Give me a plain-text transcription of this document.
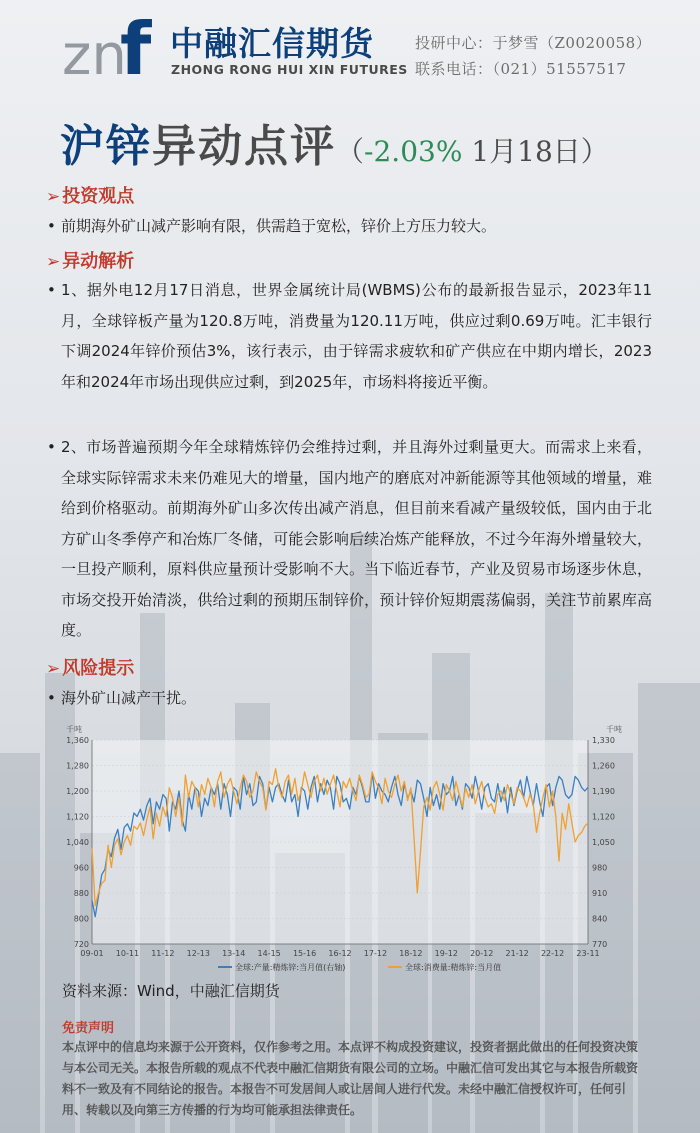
zn
f 中融汇信期货
ZHONG RONG HUI XIN FUTURES
投研中心：于梦雪（Z0020058）
联系电话：（021）51557517
沪锌异动点评（-2.03% 1月18日）
➢ 投资观点
• 前期海外矿山减产影响有限，供需趋于宽松，锌价上方压力较大。
➢ 异动解析
• 1、据外电12月17日消息，世界金属统计局(WBMS)公布的最新报告显示，2023年11月，全球锌板产量为120.8万吨，消费量为120.11万吨，供应过剩0.69万吨。汇丰银行下调2024年锌价预估3%，该行表示，由于锌需求疲软和矿产供应在中期内增长，2023年和2024年市场出现供应过剩，到2025年，市场料将接近平衡。
• 2、市场普遍预期今年全球精炼锌仍会维持过剩，并且海外过剩量更大。而需求上来看，全球实际锌需求未来仍难见大的增量，国内地产的磨底对冲新能源等其他领域的增量，难给到价格驱动。前期海外矿山多次传出减产消息，但目前来看减产量级较低，国内由于北方矿山冬季停产和冶炼厂冬储，可能会影响后续冶炼产能释放，不过今年海外增量较大，一旦投产顺利，原料供应量预计受影响不大。当下临近春节，产业及贸易市场逐步休息，市场交投开始清淡，供给过剩的预期压制锌价，预计锌价短期震荡偏弱，关注节前累库高度。
➢ 风险提示
• 海外矿山减产干扰。
千吨	千吨
1,360	1,330
1,280	1,260
1,200	1,190
1,120	1,120
1,040	1,050
960	980
880	910
800	840
720	770
09-01 10-11 11-12 12-13 13-14 14-15 15-16 16-12 17-12 18-12 19-12 20-12 21-12 22-12 23-11
全球:产量:精炼锌:当月值(右轴)	全球:消费量:精炼锌:当月值
资料来源：Wind，中融汇信期货
免责声明
本点评中的信息均来源于公开资料，仅作参考之用。本点评不构成投资建议，投资者据此做出的任何投资决策与本公司无关。本报告所载的观点不代表中融汇信期货有限公司的立场。中融汇信可发出其它与本报告所载资料不一致及有不同结论的报告。本报告不可发居间人或让居间人进行代发。未经中融汇信授权许可，任何引用、转载以及向第三方传播的行为均可能承担法律责任。
